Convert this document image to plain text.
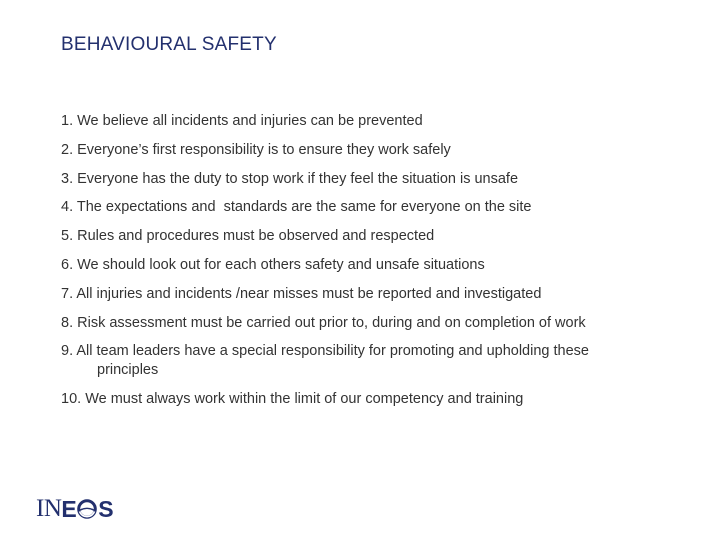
BEHAVIOURAL SAFETY
1. We believe all incidents and injuries can be prevented
2. Everyone’s first responsibility is to ensure they work safely
3. Everyone has the duty to stop work if they feel the situation is unsafe
4. The expectations and  standards are the same for everyone on the site
5. Rules and procedures must be observed and respected
6. We should look out for each others safety and unsafe situations
7. All injuries and incidents /near misses must be reported and investigated
8. Risk assessment must be carried out prior to, during and on completion of work
9. All team leaders have a special responsibility for promoting and upholding these
principles
10. We must always work within the limit of our competency and training
IN E S
